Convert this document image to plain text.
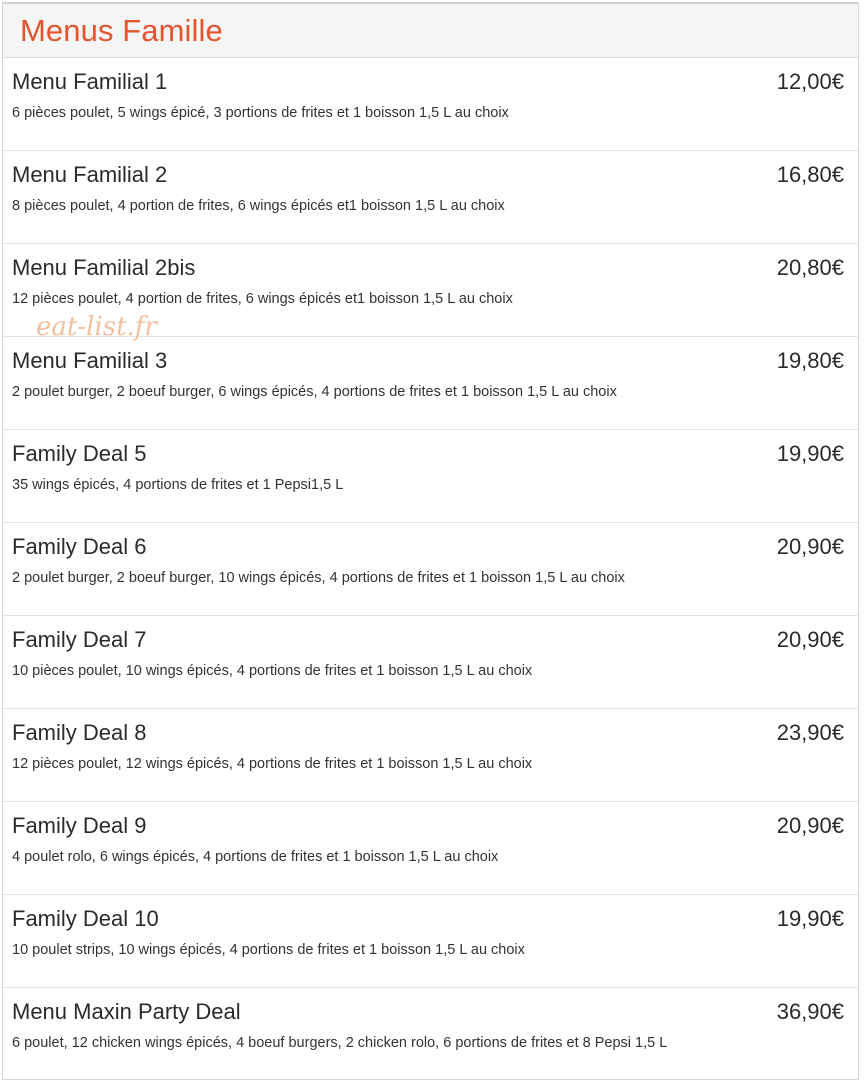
Menus Famille
Menu Familial 1	12,00€
6 pièces poulet, 5 wings épicé, 3 portions de frites et 1 boisson 1,5 L au choix
Menu Familial 2	16,80€
8 pièces poulet, 4 portion de frites, 6 wings épicés et1 boisson 1,5 L au choix
Menu Familial 2bis	20,80€
12 pièces poulet, 4 portion de frites, 6 wings épicés et1 boisson 1,5 L au choix
Menu Familial 3	19,80€
2 poulet burger, 2 boeuf burger, 6 wings épicés, 4 portions de frites et 1 boisson 1,5 L au choix
Family Deal 5	19,90€
35 wings épicés, 4 portions de frites et 1 Pepsi1,5 L
Family Deal 6	20,90€
2 poulet burger, 2 boeuf burger, 10 wings épicés, 4 portions de frites et 1 boisson 1,5 L au choix
Family Deal 7	20,90€
10 pièces poulet, 10 wings épicés, 4 portions de frites et 1 boisson 1,5 L au choix
Family Deal 8	23,90€
12 pièces poulet, 12 wings épicés, 4 portions de frites et 1 boisson 1,5 L au choix
Family Deal 9	20,90€
4 poulet rolo, 6 wings épicés, 4 portions de frites et 1 boisson 1,5 L au choix
Family Deal 10	19,90€
10 poulet strips, 10 wings épicés, 4 portions de frites et 1 boisson 1,5 L au choix
Menu Maxin Party Deal	36,90€
6 poulet, 12 chicken wings épicés, 4 boeuf burgers, 2 chicken rolo, 6 portions de frites et 8 Pepsi 1,5 L
eat-list.fr
